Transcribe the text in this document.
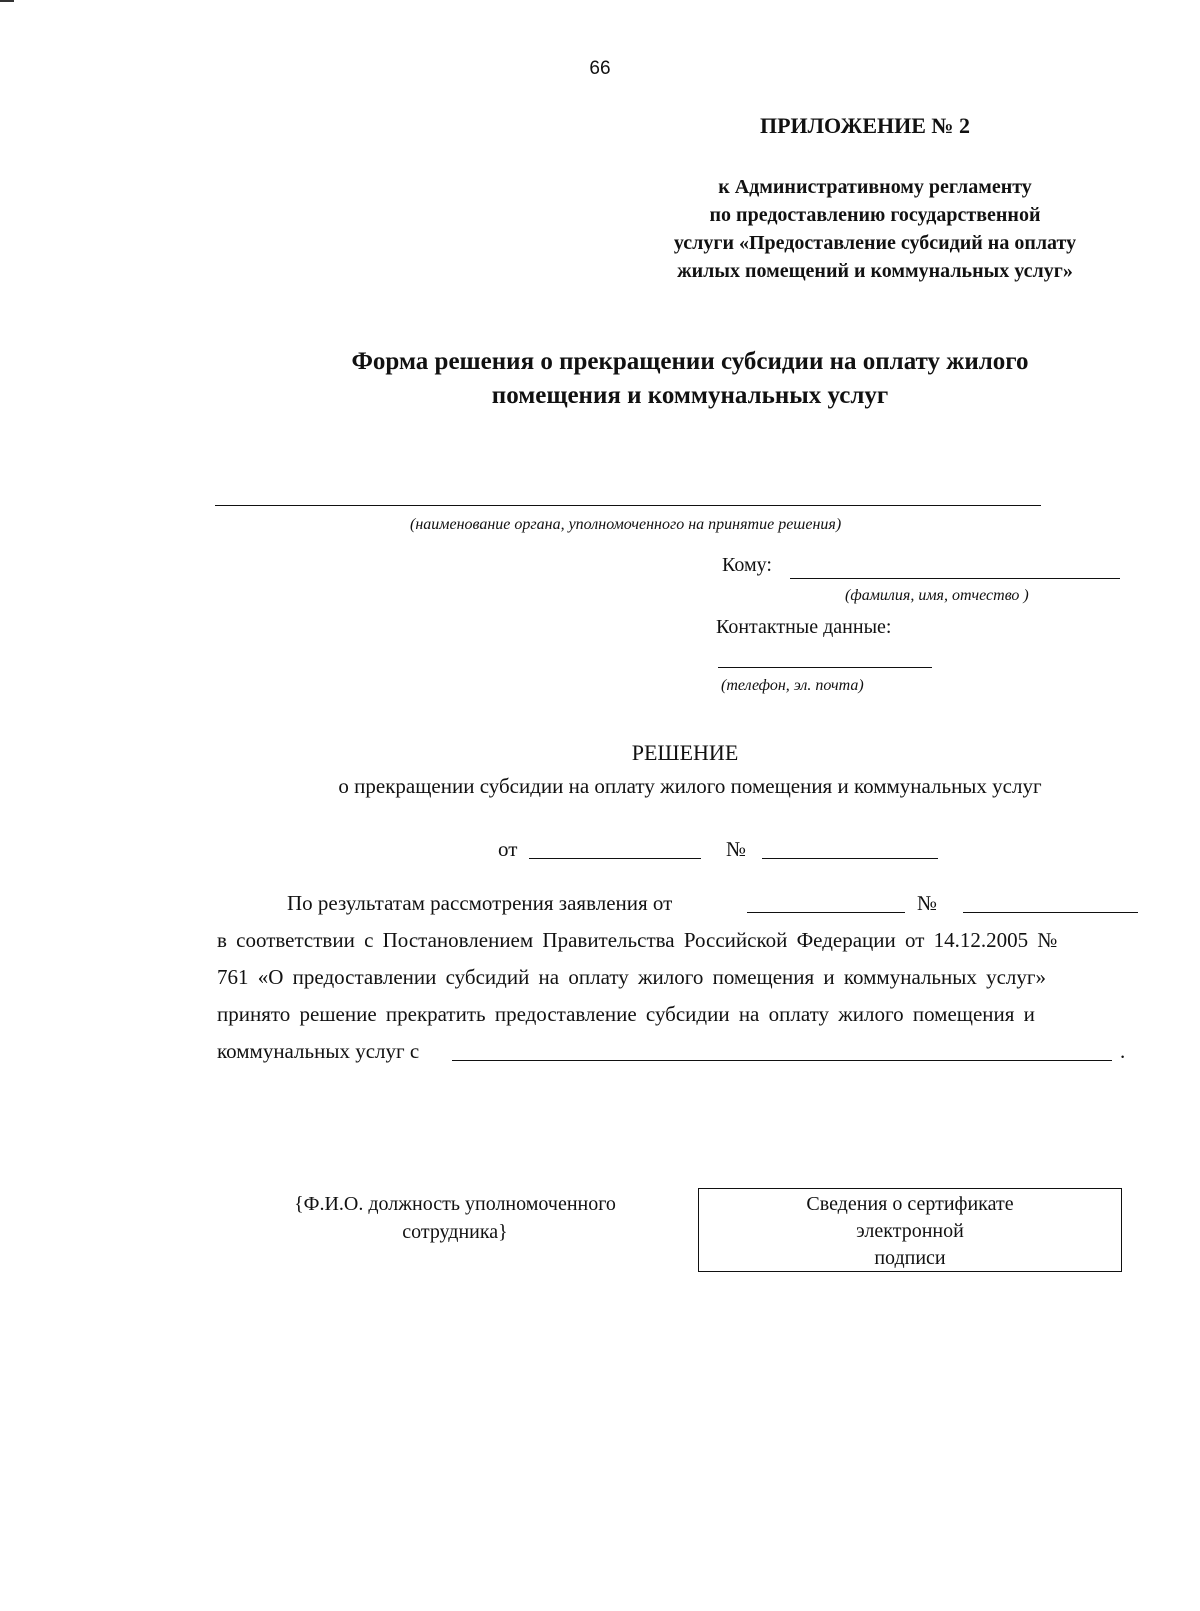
66
ПРИЛОЖЕНИЕ № 2
к Административному регламенту
по предоставлению государственной
услуги «Предоставление субсидий на оплату
жилых помещений и коммунальных услуг»
Форма решения о прекращении субсидии на оплату жилого
помещения и коммунальных услуг
(наименование органа, уполномоченного на принятие решения)
Кому:
(фамилия, имя, отчество )
Контактные данные:
(телефон, эл. почта)
РЕШЕНИЕ
о прекращении субсидии на оплату жилого помещения и коммунальных услуг
от	№
По результатам рассмотрения заявления от	№
в соответствии с Постановлением Правительства Российской Федерации от 14.12.2005 №
761 «О предоставлении субсидий на оплату жилого помещения и коммунальных услуг»
принято решение прекратить предоставление субсидии на оплату жилого помещения и
коммунальных услуг с	.
{Ф.И.О. должность уполномоченного
сотрудника}
Сведения о сертификате
электронной
подписи
